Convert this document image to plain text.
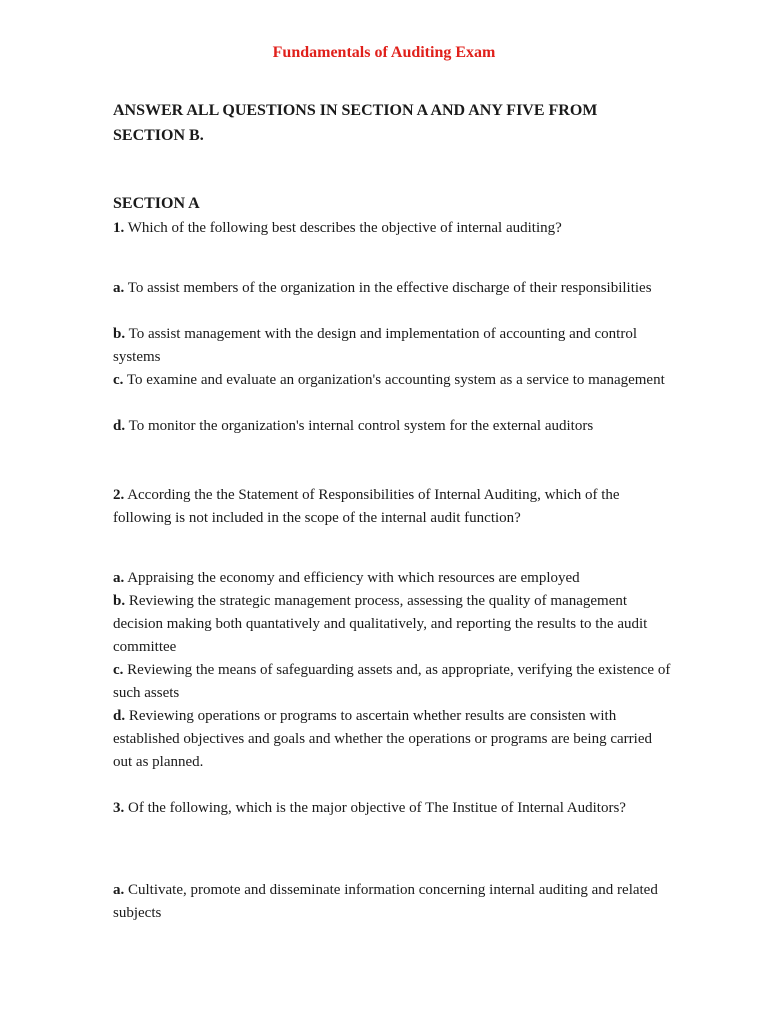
Fundamentals of Auditing Exam
ANSWER ALL QUESTIONS IN SECTION A AND ANY FIVE FROM SECTION B.
SECTION A
1. Which of the following best describes the objective of internal auditing?
a. To assist members of the organization in the effective discharge of their responsibilities
b. To assist management with the design and implementation of accounting and control systems
c. To examine and evaluate an organization's accounting system as a service to management
d. To monitor the organization's internal control system for the external auditors
2. According the the Statement of Responsibilities of Internal Auditing, which of the following is not included in the scope of the internal audit function?
a. Appraising the economy and efficiency with which resources are employed
b. Reviewing the strategic management process, assessing the quality of management decision making both quantatively and qualitatively, and reporting the results to the audit committee
c. Reviewing the means of safeguarding assets and, as appropriate, verifying the existence of such assets
d. Reviewing operations or programs to ascertain whether results are consisten with established objectives and goals and whether the operations or programs are being carried out as planned.
3. Of the following, which is the major objective of The Institue of Internal Auditors?
a. Cultivate, promote and disseminate information concerning internal auditing and related subjects
